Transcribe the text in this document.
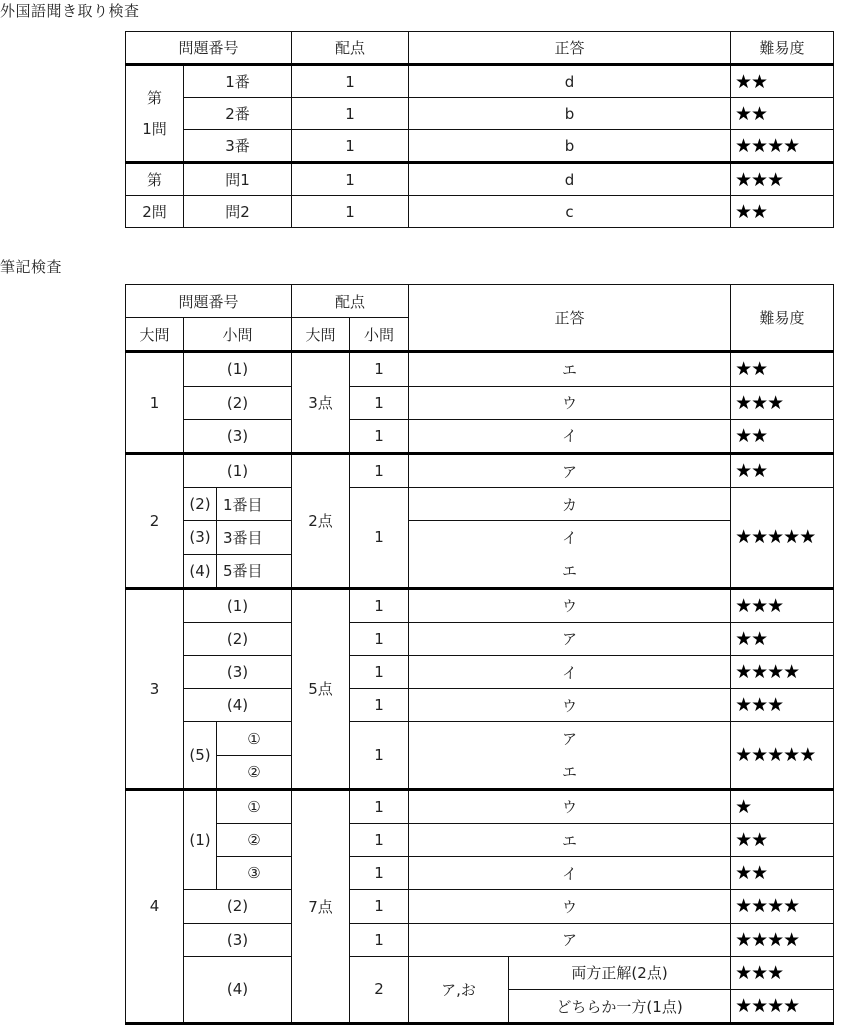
外国語聞き取り検査
問題番号		配点	正答	難易度
第
1問	1番	1	d	★★
	2番	1	b	★★
	3番	1	b	★★★★
第	問1	1	d	★★★
2問	問2	1	c	★★
筆記検査
問題番号			配点		正答		難易度
大問	小問		大問	小問			
1	(1)		3点	1	エ		★★
	(2)			1	ウ		★★★
	(3)			1	イ		★★
2	(1)		2点	1	ア		★★
	(2)	1番目		1	カ		★★★★★
	(3)	3番目			イ		
	(4)	5番目			エ		
3	(1)		5点	1	ウ		★★★
	(2)			1	ア		★★
	(3)			1	イ		★★★★
	(4)			1	ウ		★★★
	(5)	①		1	ア		★★★★★
		②			エ		
4	(1)	①	7点	1	ウ		★
		②		1	エ		★★
		③		1	イ		★★
	(2)			1	ウ		★★★★
	(3)			1	ア		★★★★
	(4)			2	ア,お	両方正解(2点)	★★★
						どちらか一方(1点)	★★★★
